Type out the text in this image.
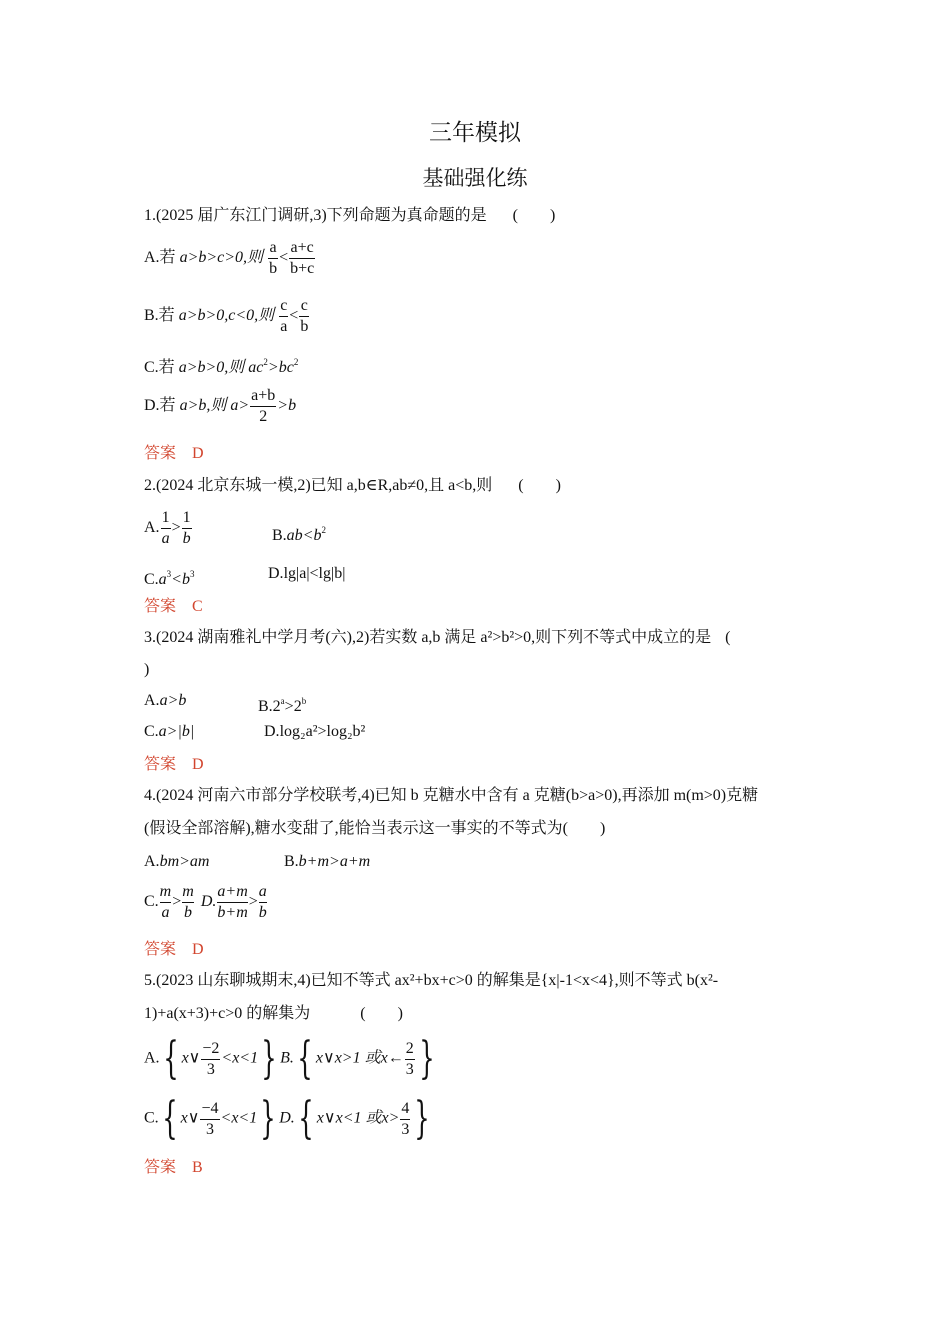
三年模拟
基础强化练
1.(2025 届广东江门调研,3)下列命题为真命题的是 (　　)
A.若 a>b>c>0,则 $\frac{a}{b} < \frac{a+c}{b+c}$
B.若 a>b>0,c<0,则 $\frac{c}{a} < \frac{c}{b}$
C.若 a>b>0,则 $ac^2>bc^2$
D.若 a>b,则 $a> \frac{a+b}{2} >b$
答案 D
2.(2024 北京东城一模,2)已知 a,b∈R,ab≠0,且 a<b,则 (　　)
A. $\frac{1}{a} > \frac{1}{b}$	$B.ab<b^2$
$C.a^3<b^3$	D.lg|a|<lg|b|
答案 C
3.(2024 湖南雅礼中学月考(六),2)若实数 a,b 满足 a²>b²>0,则下列不等式中成立的是 (
)
A.a>b	$B.2^a>2^b$
C.a>|b|	D.log₂a²>log₂b²
答案 D
4.(2024 河南六市部分学校联考,4)已知 b 克糖水中含有 a 克糖(b>a>0),再添加 m(m>0)克糖
(假设全部溶解),糖水变甜了,能恰当表示这一事实的不等式为(　　)
A.bm>am	B.b+m>a+m
C. $\frac{m}{a} > \frac{m}{b} D$. $\frac{a+m}{b+m} > \frac{a}{b}$
答案 D
5.(2023 山东聊城期末,4)已知不等式 ax²+bx+c>0 的解集是{x|-1<x<4},则不等式 b(x²-
1)+a(x+3)+c>0 的解集为	(　　)
A.{ x∨ $\frac{-2}{3} <x<1$} B.{ x∨x>1 或x← $\frac{2}{3}$ }
C.{ x∨ $\frac{-4}{3} <x<1$} D.{ x∨x<1 或$x> \frac{4}{3}$ }
答案 B
